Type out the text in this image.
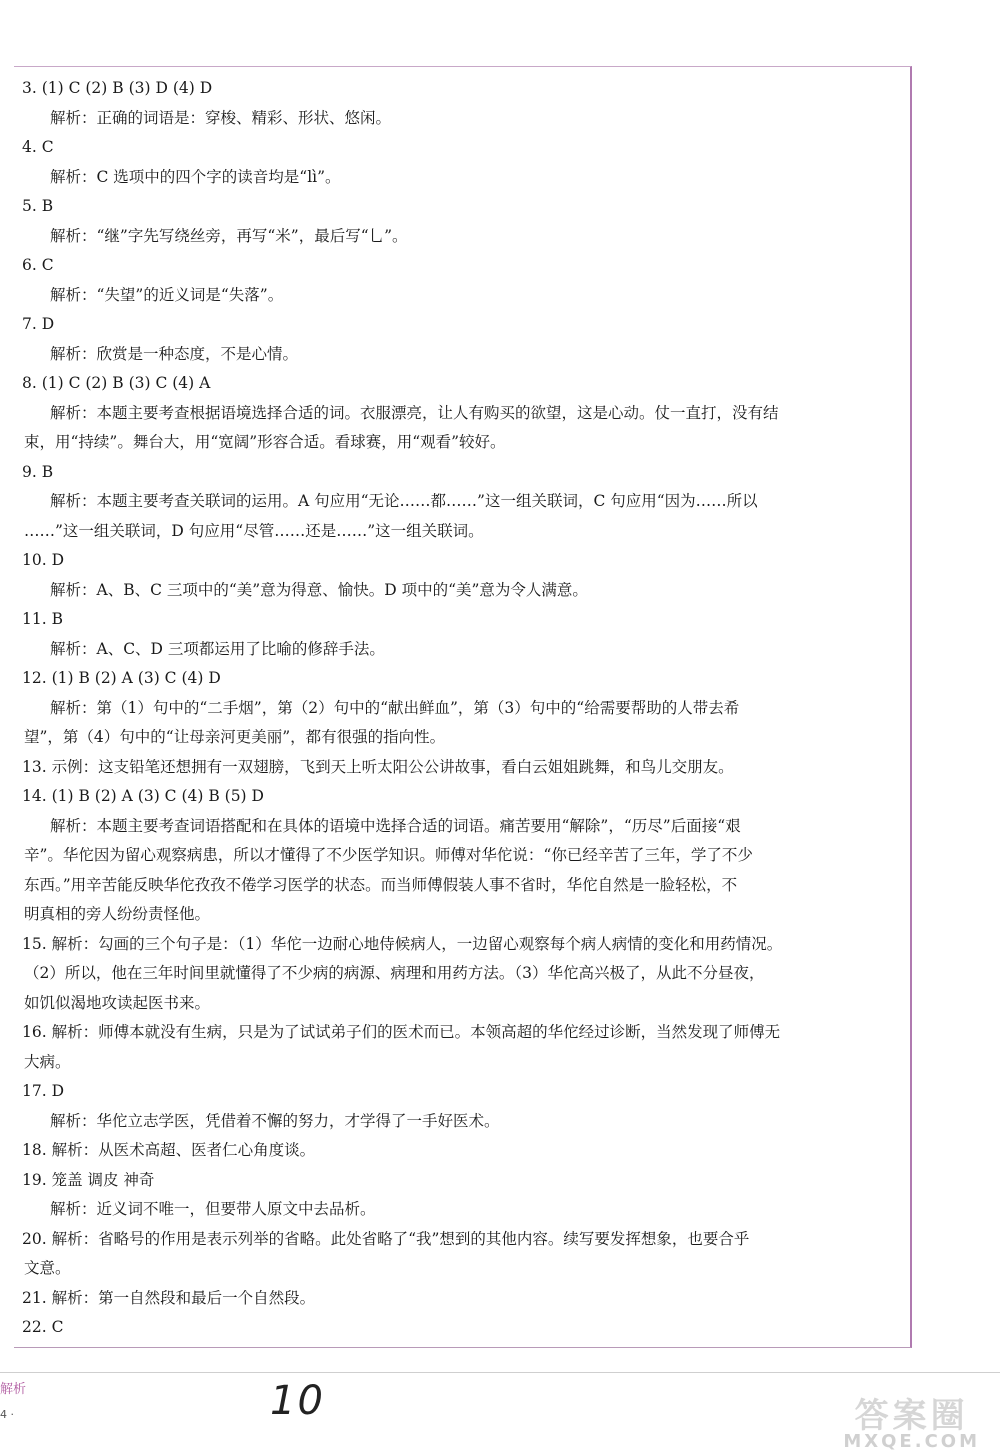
3. (1) C (2) B (3) D (4) D
解析：正确的词语是：穿梭、精彩、形状、悠闲。
4. C
解析：C 选项中的四个字的读音均是“lì”。
5. B
解析：“继”字先写绕丝旁，再写“米”，最后写“乚”。
6. C
解析：“失望”的近义词是“失落”。
7. D
解析：欣赏是一种态度，不是心情。
8. (1) C (2) B (3) C (4) A
解析：本题主要考查根据语境选择合适的词。衣服漂亮，让人有购买的欲望，这是心动。仗一直打，没有结
束，用“持续”。舞台大，用“宽阔”形容合适。看球赛，用“观看”较好。
9. B
解析：本题主要考查关联词的运用。A 句应用“无论……都……”这一组关联词，C 句应用“因为……所以
……”这一组关联词，D 句应用“尽管……还是……”这一组关联词。
10. D
解析：A、B、C 三项中的“美”意为得意、愉快。D 项中的“美”意为令人满意。
11. B
解析：A、C、D 三项都运用了比喻的修辞手法。
12. (1) B (2) A (3) C (4) D
解析：第（1）句中的“二手烟”，第（2）句中的“献出鲜血”，第（3）句中的“给需要帮助的人带去希
望”，第（4）句中的“让母亲河更美丽”，都有很强的指向性。
13. 示例：这支铅笔还想拥有一双翅膀，飞到天上听太阳公公讲故事，看白云姐姐跳舞，和鸟儿交朋友。
14. (1) B (2) A (3) C (4) B (5) D
解析：本题主要考查词语搭配和在具体的语境中选择合适的词语。痛苦要用“解除”，“历尽”后面接“艰
辛”。华佗因为留心观察病患，所以才懂得了不少医学知识。师傅对华佗说：“你已经辛苦了三年，学了不少
东西。”用辛苦能反映华佗孜孜不倦学习医学的状态。而当师傅假装人事不省时，华佗自然是一脸轻松，不
明真相的旁人纷纷责怪他。
15. 解析：勾画的三个句子是：（1）华佗一边耐心地侍候病人，一边留心观察每个病人病情的变化和用药情况。
（2）所以，他在三年时间里就懂得了不少病的病源、病理和用药方法。（3）华佗高兴极了，从此不分昼夜，
如饥似渴地攻读起医书来。
16. 解析：师傅本就没有生病，只是为了试试弟子们的医术而已。本领高超的华佗经过诊断，当然发现了师傅无
大病。
17. D
解析：华佗立志学医，凭借着不懈的努力，才学得了一手好医术。
18. 解析：从医术高超、医者仁心角度谈。
19. 笼盖 调皮 神奇
解析：近义词不唯一，但要带人原文中去品析。
20. 解析：省略号的作用是表示列举的省略。此处省略了“我”想到的其他内容。续写要发挥想象，也要合乎
文意。
21. 解析：第一自然段和最后一个自然段。
22. C
解析
4 ·	10	答案圈
MXQE.COM
